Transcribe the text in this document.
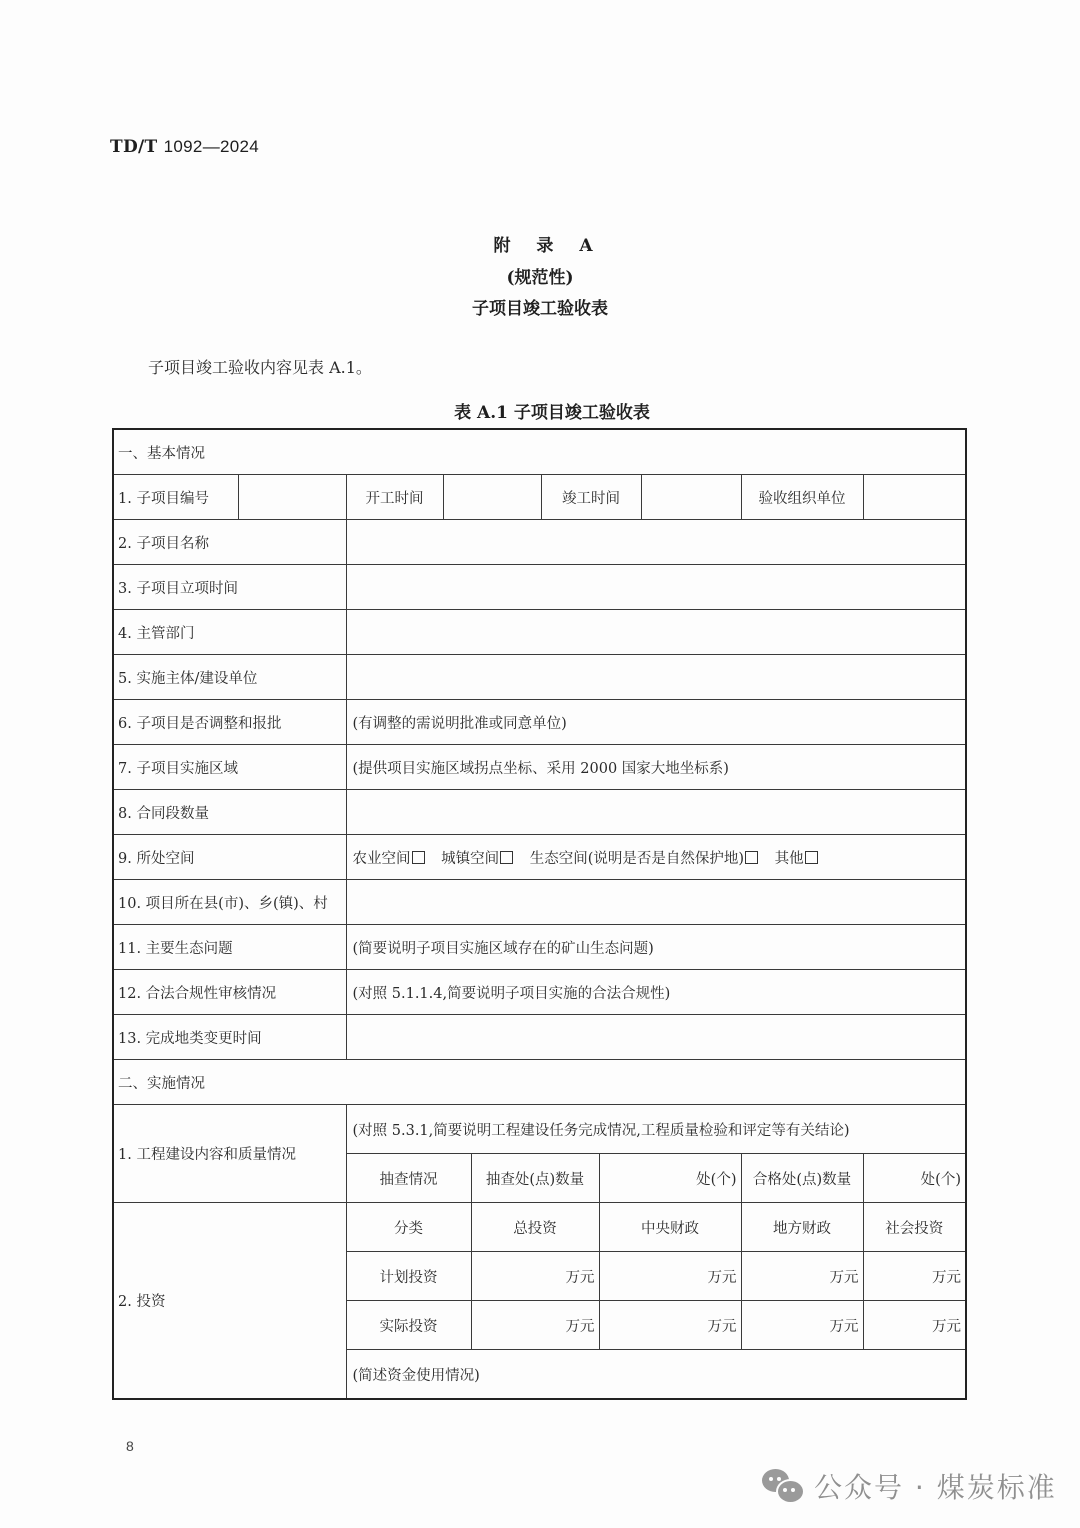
TD/T 1092—2024
附 录 A
(规范性)
子项目竣工验收表
子项目竣工验收内容见表 A.1。
表 A.1 子项目竣工验收表
一、基本情况									
1. 子项目编号		开工时间			竣工时间			验收组织单位	
2. 子项目名称									
3. 子项目立项时间									
4. 主管部门									
5. 实施主体/建设单位									
6. 子项目是否调整和报批		(有调整的需说明批准或同意单位)							
7. 子项目实施区域		(提供项目实施区域拐点坐标、采用 2000 国家大地坐标系)							
8. 合同段数量									
9. 所处空间		农业空间 城镇空间 生态空间(说明是否是自然保护地) 其他							
10. 项目所在县(市)、乡(镇)、村									
11. 主要生态问题		(简要说明子项目实施区域存在的矿山生态问题)							
12. 合法合规性审核情况		(对照 5.1.1.4,简要说明子项目实施的合法合规性)							
13. 完成地类变更时间									
二、实施情况									
1. 工程建设内容和质量情况		(对照 5.3.1,简要说明工程建设任务完成情况,工程质量检验和评定等有关结论)							
		抽查情况		抽查处(点)数量		处(个)		合格处(点)数量	处(个)
2. 投资		分类		总投资		中央财政		地方财政	社会投资
		计划投资		万元		万元		万元	万元
		实际投资		万元		万元		万元	万元
		(简述资金使用情况)							
8
公众号 · 煤炭标准
